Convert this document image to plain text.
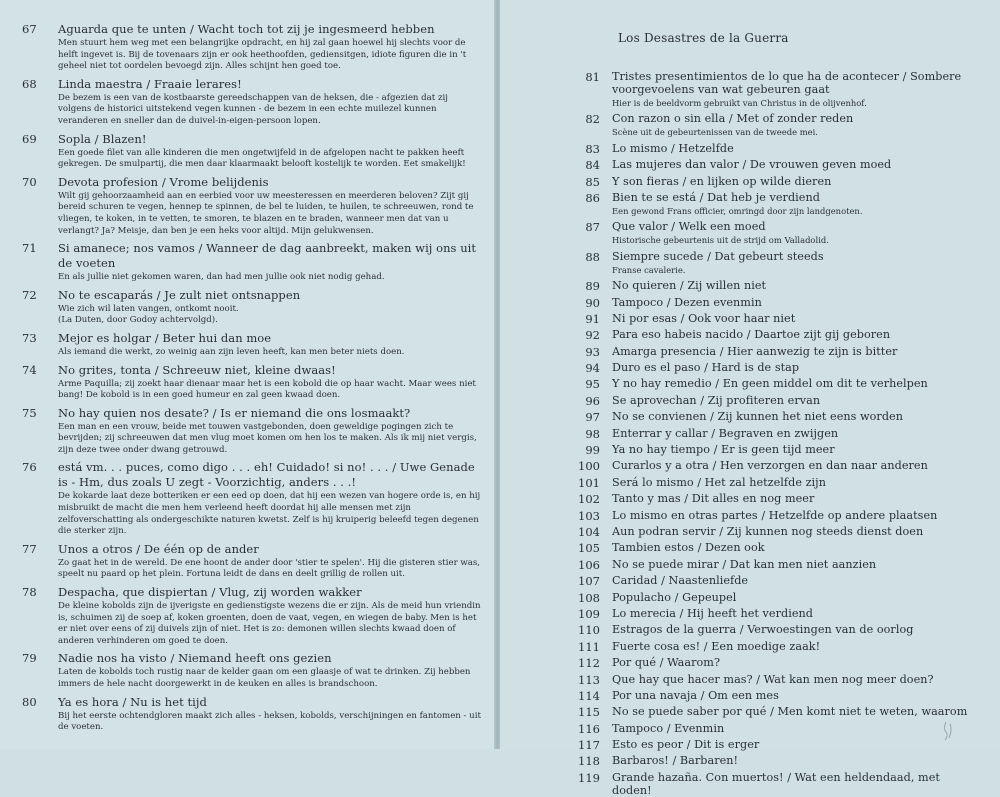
67	Aguarda que te unten / Wacht toch tot zij je ingesmeerd hebben
Men stuurt hem weg met een belangrijke opdracht, en hij zal gaan hoewel hij slechts voor de helft ingevet is. Bij de tovenaars zijn er ook heethoofden, gediensitgen, idiote figuren die in 't geheel niet tot oordelen bevoegd zijn. Alles schijnt hen goed toe.
68	Linda maestra / Fraaie lerares!
De bezem is een van de kostbaarste gereedschappen van de heksen, die - afgezien dat zij volgens de historici uitstekend vegen kunnen - de bezem in een echte muilezel kunnen veranderen en sneller dan de duivel-in-eigen-persoon lopen.
69	Sopla / Blazen!
Een goede filet van alle kinderen die men ongetwijfeld in de afgelopen nacht te pakken heeft gekregen. De smulpartij, die men daar klaarmaakt belooft kostelijk te worden. Eet smakelijk!
70	Devota profesion / Vrome belijdenis
Wilt gij gehoorzaamheid aan en eerbied voor uw meesteressen en meerderen beloven? Zijt gij bereid schuren te vegen, hennep te spinnen, de bel te luiden, te huilen, te schreeuwen, rond te vliegen, te koken, in te vetten, te smoren, te blazen en te braden, wanneer men dat van u verlangt? Ja? Meisje, dan ben je een heks voor altijd. Mijn gelukwensen.
71	Si amanece; nos vamos / Wanneer de dag aanbreekt, maken wij ons uit de voeten
En als jullie niet gekomen waren, dan had men jullie ook niet nodig gehad.
72	No te escaparás / Je zult niet ontsnappen
Wie zich wil laten vangen, ontkomt nooit.
(La Duten, door Godoy achtervolgd).
73	Mejor es holgar / Beter hui dan moe
Als iemand die werkt, zo weinig aan zijn leven heeft, kan men beter niets doen.
74	No grites, tonta / Schreeuw niet, kleine dwaas!
Arme Paquilla; zij zoekt haar dienaar maar het is een kobold die op haar wacht. Maar wees niet bang! De kobold is in een goed humeur en zal geen kwaad doen.
75	No hay quien nos desate? / Is er niemand die ons losmaakt?
Een man en een vrouw, beide met touwen vastgebonden, doen geweldige pogingen zich te bevrijden; zij schreeuwen dat men vlug moet komen om hen los te maken. Als ik mij niet vergis, zijn deze twee onder dwang getrouwd.
76	está vm. . . puces, como digo . . . eh! Cuidado! si no! . . . / Uwe Genade is - Hm, dus zoals U zegt - Voorzichtig, anders . . .!
De kokarde laat deze botteriken er een eed op doen, dat hij een wezen van hogere orde is, en hij misbruikt de macht die men hem verleend heeft doordat hij alle mensen met zijn zelfoverschatting als ondergeschikte naturen kwetst. Zelf is hij kruiperig beleefd tegen degenen die sterker zijn.
77	Unos a otros / De één op de ander
Zo gaat het in de wereld. De ene hoont de ander door 'stier te spelen'. Hij die gisteren stier was, speelt nu paard op het plein. Fortuna leidt de dans en deelt grillig de rollen uit.
78	Despacha, que dispiertan / Vlug, zij worden wakker
De kleine kobolds zijn de ijverigste en gedienstigste wezens die er zijn. Als de meid hun vriendin is, schuimen zij de soep af, koken groenten, doen de vaat, vegen, en wiegen de baby. Men is het er niet over eens of zij duivels zijn of niet. Het is zo: demonen willen slechts kwaad doen of anderen verhinderen om goed te doen.
79	Nadie nos ha visto / Niemand heeft ons gezien
Laten de kobolds toch rustig naar de kelder gaan om een glaasje of wat te drinken. Zij hebben immers de hele nacht doorgewerkt in de keuken en alles is brandschoon.
80	Ya es hora / Nu is het tijd
Bij het eerste ochtendgloren maakt zich alles - heksen, kobolds, verschijningen en fantomen - uit de voeten.
Los Desastres de la Guerra
81	Tristes presentimientos de lo que ha de acontecer / Sombere voorgevoelens van wat gebeuren gaat
Hier is de beeldvorm gebruikt van Christus in de olijvenhof.
82	Con razon o sin ella / Met of zonder reden
Scène uit de gebeurtenissen van de tweede mei.
83	Lo mismo / Hetzelfde
84	Las mujeres dan valor / De vrouwen geven moed
85	Y son fieras / en lijken op wilde dieren
86	Bien te se está / Dat heb je verdiend
Een gewond Frans officier, omringd door zijn landgenoten.
87	Que valor / Welk een moed
Historische gebeurtenis uit de strijd om Valladolid.
88	Siempre sucede / Dat gebeurt steeds
Franse cavalerie.
89	No quieren / Zij willen niet
90	Tampoco / Dezen evenmin
91	Ni por esas / Ook voor haar niet
92	Para eso habeis nacido / Daartoe zijt gij geboren
93	Amarga presencia / Hier aanwezig te zijn is bitter
94	Duro es el paso / Hard is de stap
95	Y no hay remedio / En geen middel om dit te verhelpen
96	Se aprovechan / Zij profiteren ervan
97	No se convienen / Zij kunnen het niet eens worden
98	Enterrar y callar / Begraven en zwijgen
99	Ya no hay tiempo / Er is geen tijd meer
100	Curarlos y a otra / Hen verzorgen en dan naar anderen
101	Será lo mismo / Het zal hetzelfde zijn
102	Tanto y mas / Dit alles en nog meer
103	Lo mismo en otras partes / Hetzelfde op andere plaatsen
104	Aun podran servir / Zij kunnen nog steeds dienst doen
105	Tambien estos / Dezen ook
106	No se puede mirar / Dat kan men niet aanzien
107	Caridad / Naastenliefde
108	Populacho / Gepeupel
109	Lo merecia / Hij heeft het verdiend
110	Estragos de la guerra / Verwoestingen van de oorlog
111	Fuerte cosa es! / Een moedige zaak!
112	Por qué / Waarom?
113	Que hay que hacer mas? / Wat kan men nog meer doen?
114	Por una navaja / Om een mes
115	No se puede saber por qué / Men komt niet te weten, waarom
116	Tampoco / Evenmin
117	Esto es peor / Dit is erger
118	Barbaros! / Barbaren!
119	Grande hazaña. Con muertos! / Wat een heldendaad, met doden!
